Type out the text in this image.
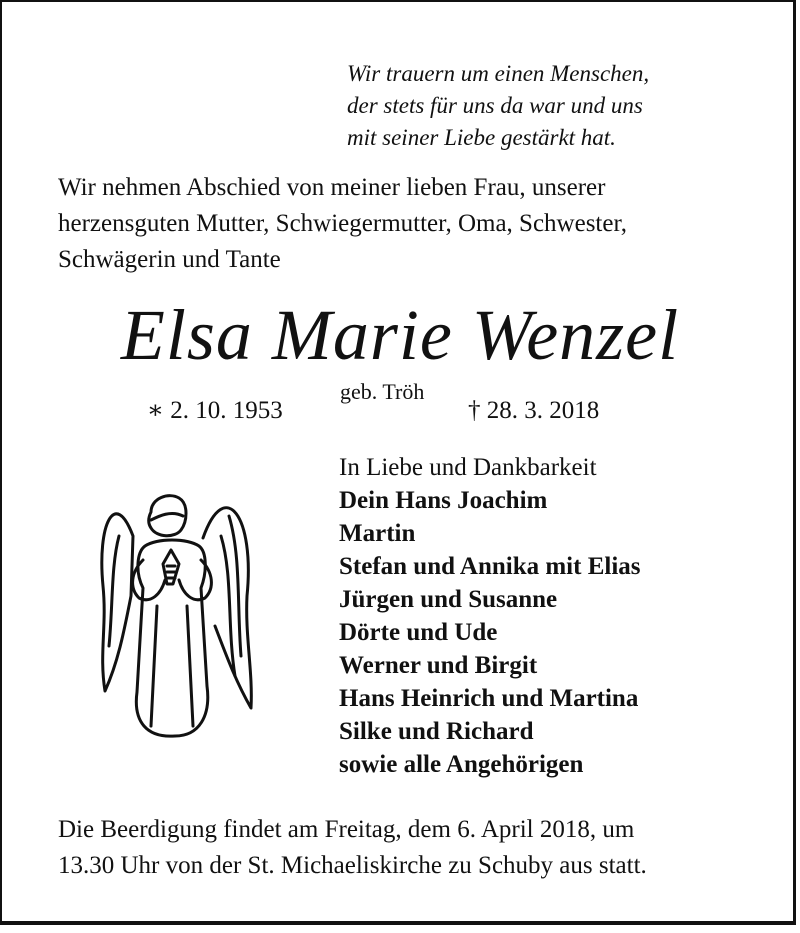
Wir trauern um einen Menschen,
der stets für uns da war und uns
mit seiner Liebe gestärkt hat.
Wir nehmen Abschied von meiner lieben Frau, unserer
herzensguten Mutter, Schwiegermutter, Oma, Schwester,
Schwägerin und Tante
Elsa Marie Wenzel
∗ 2. 10. 1953
geb. Tröh
† 28. 3. 2018
In Liebe und Dankbarkeit
Dein Hans Joachim
Martin
Stefan und Annika mit Elias
Jürgen und Susanne
Dörte und Ude
Werner und Birgit
Hans Heinrich und Martina
Silke und Richard
sowie alle Angehörigen
Die Beerdigung findet am Freitag, dem 6. April 2018, um
13.30 Uhr von der St. Michaeliskirche zu Schuby aus statt.
